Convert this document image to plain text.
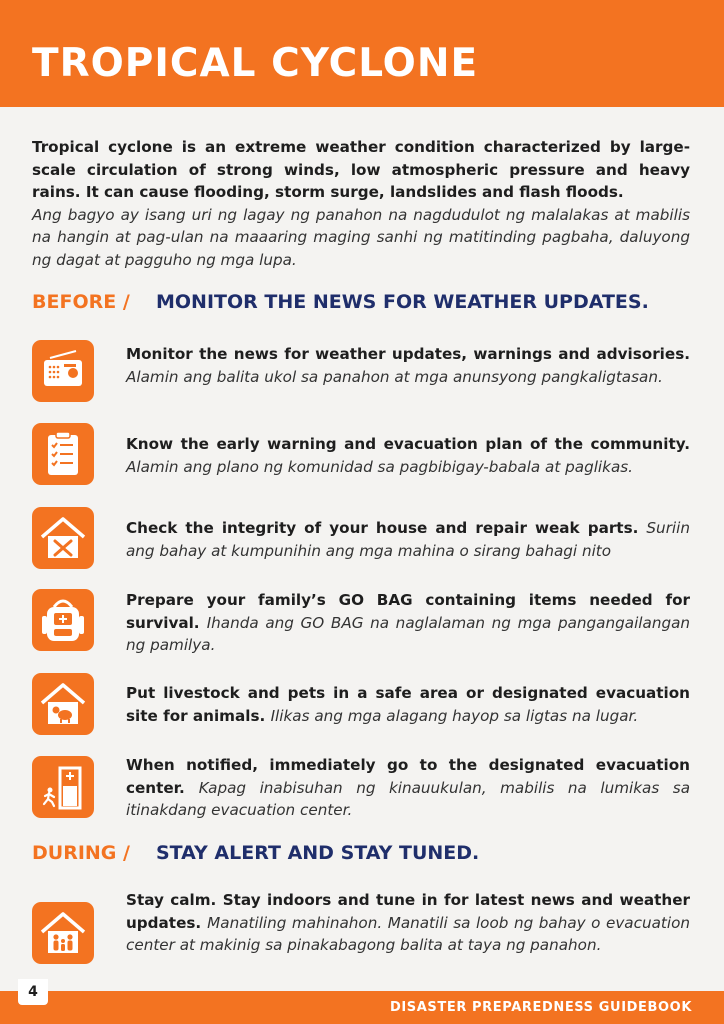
TROPICAL CYCLONE

Tropical cyclone is an extreme weather condition characterized by large-scale circulation of strong winds, low atmospheric pressure and heavy rains. It can cause flooding, storm surge, landslides and flash floods.

Ang bagyo ay isang uri ng lagay ng panahon na nagdudulot ng malalakas at mabilis na hangin at pag-ulan na maaaring maging sanhi ng matitinding pagbaha, daluyong ng dagat at pagguho ng mga lupa.

BEFORE /	MONITOR THE NEWS FOR WEATHER UPDATES.
Monitor the news for weather updates, warnings and advisories. Alamin ang balita ukol sa panahon at mga anunsyong pangkaligtasan.
Know the early warning and evacuation plan of the community. Alamin ang plano ng komunidad sa pagbibigay-babala at paglikas.
Check the integrity of your house and repair weak parts. Suriin ang bahay at kumpunihin ang mga mahina o sirang bahagi nito
Prepare your family’s GO BAG containing items needed for survival. Ihanda ang GO BAG na naglalaman ng mga pangangailangan ng pamilya.
Put livestock and pets in a safe area or designated evacuation site for animals. Ilikas ang mga alagang hayop sa ligtas na lugar.
When notified, immediately go to the designated evacuation center. Kapag inabisuhan ng kinauukulan, mabilis na lumikas sa itinakdang evacuation center.
DURING /	STAY ALERT AND STAY TUNED.
Stay calm. Stay indoors and tune in for latest news and weather updates. Manatiling mahinahon. Manatili sa loob ng bahay o evacuation center at makinig sa pinakabagong balita at taya ng panahon.
4
DISASTER PREPAREDNESS GUIDEBOOK
